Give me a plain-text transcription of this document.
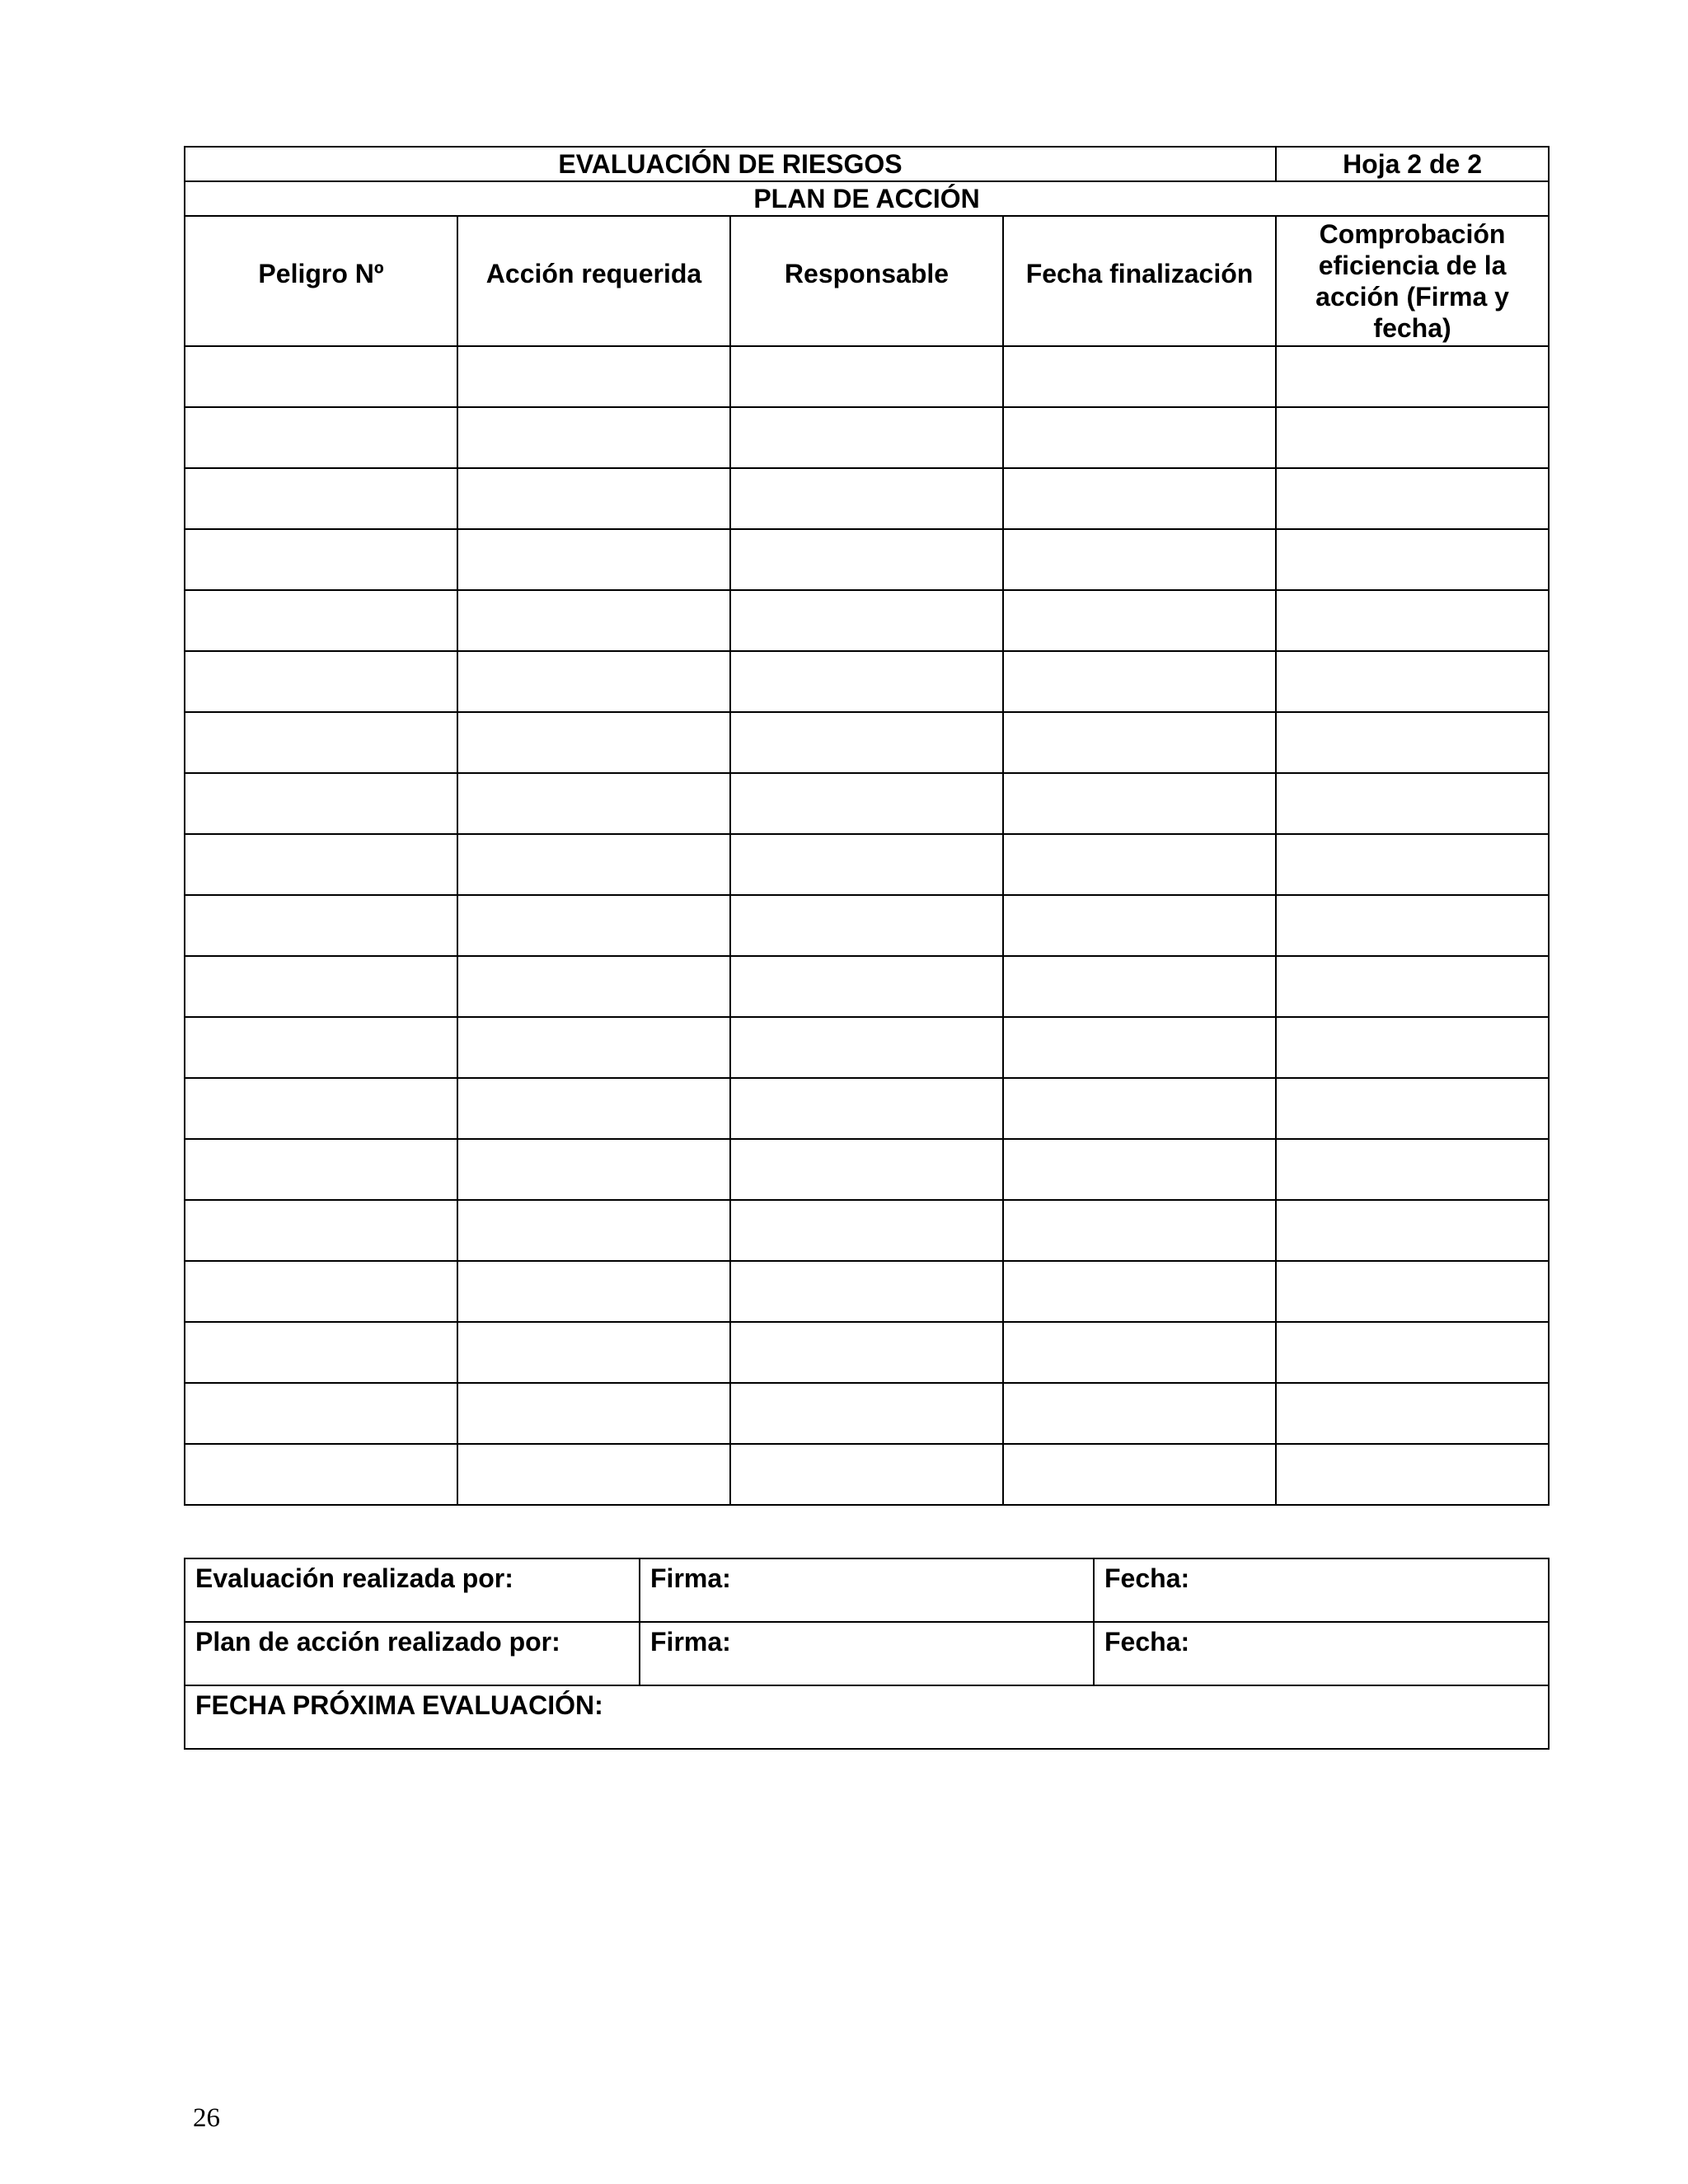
EVALUACIÓN DE RIESGOS				Hoja 2 de 2
PLAN DE ACCIÓN				

Peligro Nº	Acción requerida	Responsable	Fecha finalización	Comprobación eficiencia de la acción (Firma y fecha)

Evaluación realizada por:	Firma:	Fecha:
Plan de acción realizado por:	Firma:	Fecha:
FECHA PRÓXIMA EVALUACIÓN:		
26
